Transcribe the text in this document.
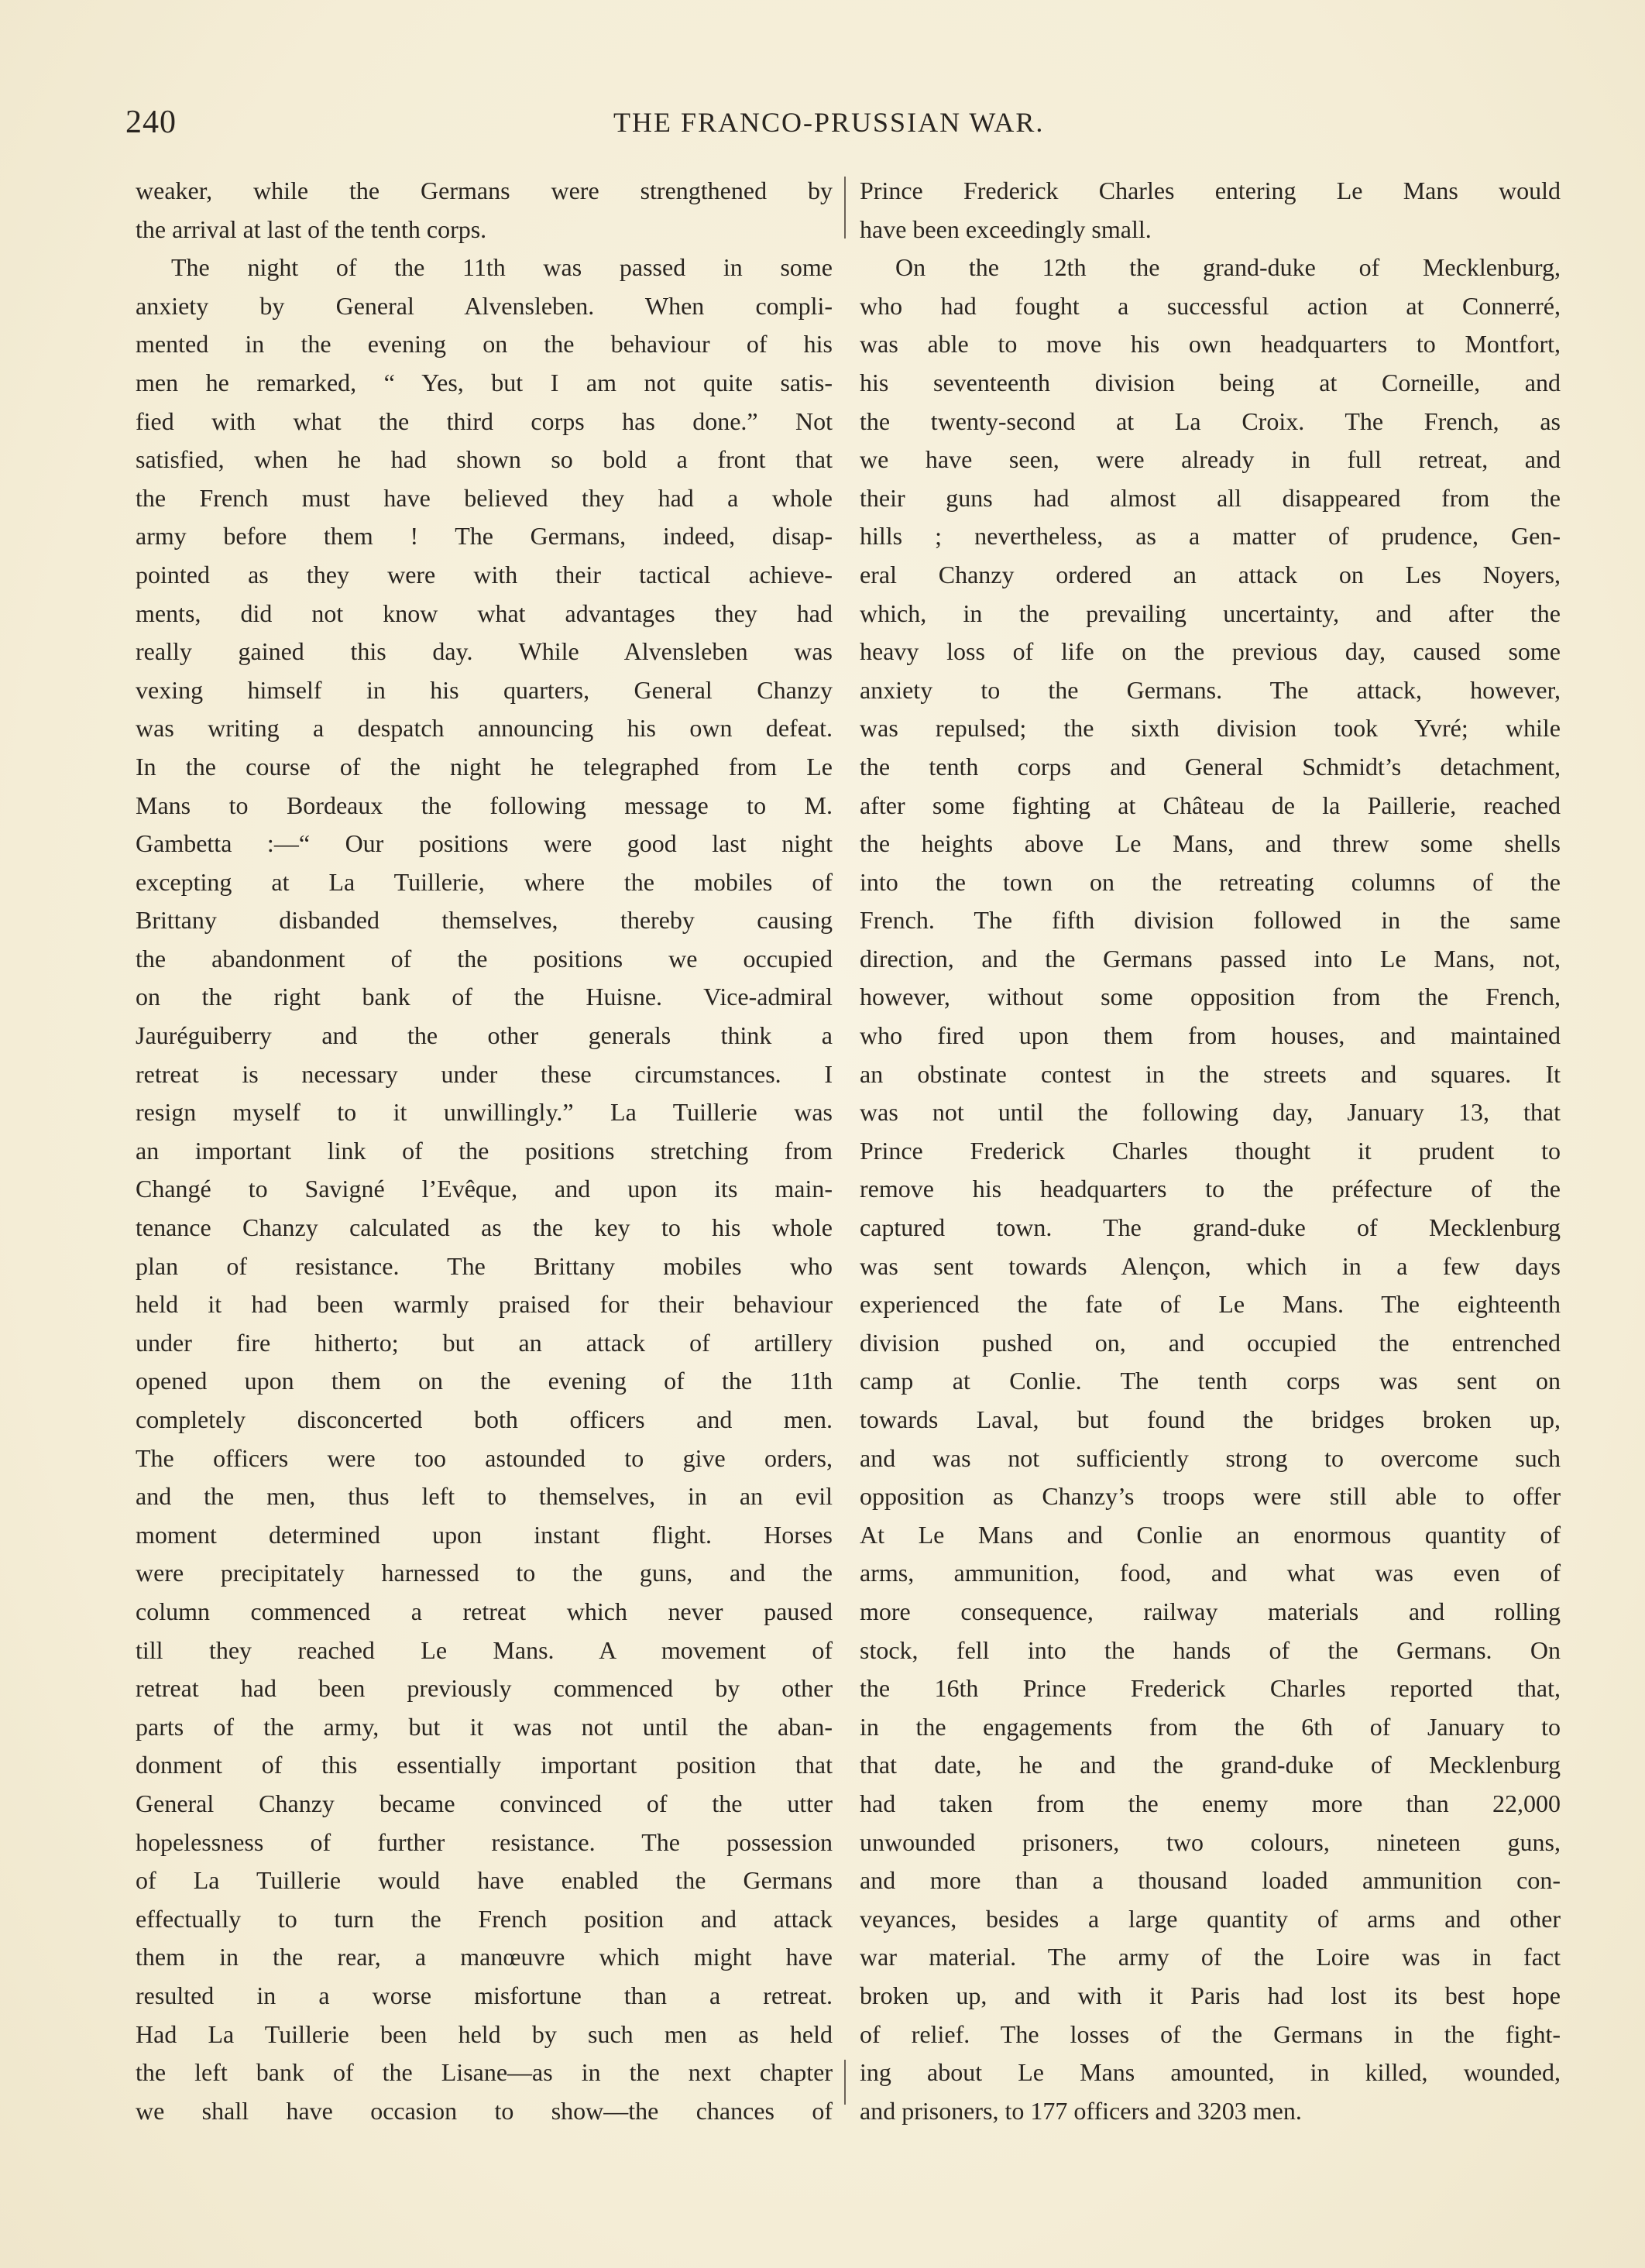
240	THE FRANCO-PRUSSIAN WAR.
weaker, while the Germans were strengthened by
the arrival at last of the tenth corps.
The night of the 11th was passed in some
anxiety by General Alvensleben. When compli-
mented in the evening on the behaviour of his
men he remarked, “ Yes, but I am not quite satis-
fied with what the third corps has done.” Not
satisfied, when he had shown so bold a front that
the French must have believed they had a whole
army before them ! The Germans, indeed, disap-
pointed as they were with their tactical achieve-
ments, did not know what advantages they had
really gained this day. While Alvensleben was
vexing himself in his quarters, General Chanzy
was writing a despatch announcing his own defeat.
In the course of the night he telegraphed from Le
Mans to Bordeaux the following message to M.
Gambetta :—“ Our positions were good last night
excepting at La Tuillerie, where the mobiles of
Brittany disbanded themselves, thereby causing
the abandonment of the positions we occupied
on the right bank of the Huisne. Vice-admiral
Jauréguiberry and the other generals think a
retreat is necessary under these circumstances. I
resign myself to it unwillingly.” La Tuillerie was
an important link of the positions stretching from
Changé to Savigné l’Evêque, and upon its main-
tenance Chanzy calculated as the key to his whole
plan of resistance. The Brittany mobiles who
held it had been warmly praised for their behaviour
under fire hitherto; but an attack of artillery
opened upon them on the evening of the 11th
completely disconcerted both officers and men.
The officers were too astounded to give orders,
and the men, thus left to themselves, in an evil
moment determined upon instant flight. Horses
were precipitately harnessed to the guns, and the
column commenced a retreat which never paused
till they reached Le Mans. A movement of
retreat had been previously commenced by other
parts of the army, but it was not until the aban-
donment of this essentially important position that
General Chanzy became convinced of the utter
hopelessness of further resistance. The possession
of La Tuillerie would have enabled the Germans
effectually to turn the French position and attack
them in the rear, a manœuvre which might have
resulted in a worse misfortune than a retreat.
Had La Tuillerie been held by such men as held
the left bank of the Lisane—as in the next chapter
we shall have occasion to show—the chances of
Prince Frederick Charles entering Le Mans would
have been exceedingly small.
On the 12th the grand-duke of Mecklenburg,
who had fought a successful action at Connerré,
was able to move his own headquarters to Montfort,
his seventeenth division being at Corneille, and
the twenty-second at La Croix. The French, as
we have seen, were already in full retreat, and
their guns had almost all disappeared from the
hills ; nevertheless, as a matter of prudence, Gen-
eral Chanzy ordered an attack on Les Noyers,
which, in the prevailing uncertainty, and after the
heavy loss of life on the previous day, caused some
anxiety to the Germans. The attack, however,
was repulsed; the sixth division took Yvré; while
the tenth corps and General Schmidt’s detachment,
after some fighting at Château de la Paillerie, reached
the heights above Le Mans, and threw some shells
into the town on the retreating columns of the
French. The fifth division followed in the same
direction, and the Germans passed into Le Mans, not,
however, without some opposition from the French,
who fired upon them from houses, and maintained
an obstinate contest in the streets and squares. It
was not until the following day, January 13, that
Prince Frederick Charles thought it prudent to
remove his headquarters to the préfecture of the
captured town. The grand-duke of Mecklenburg
was sent towards Alençon, which in a few days
experienced the fate of Le Mans. The eighteenth
division pushed on, and occupied the entrenched
camp at Conlie. The tenth corps was sent on
towards Laval, but found the bridges broken up,
and was not sufficiently strong to overcome such
opposition as Chanzy’s troops were still able to offer
At Le Mans and Conlie an enormous quantity of
arms, ammunition, food, and what was even of
more consequence, railway materials and rolling
stock, fell into the hands of the Germans. On
the 16th Prince Frederick Charles reported that,
in the engagements from the 6th of January to
that date, he and the grand-duke of Mecklenburg
had taken from the enemy more than 22,000
unwounded prisoners, two colours, nineteen guns,
and more than a thousand loaded ammunition con-
veyances, besides a large quantity of arms and other
war material. The army of the Loire was in fact
broken up, and with it Paris had lost its best hope
of relief. The losses of the Germans in the fight-
ing about Le Mans amounted, in killed, wounded,
and prisoners, to 177 officers and 3203 men.
